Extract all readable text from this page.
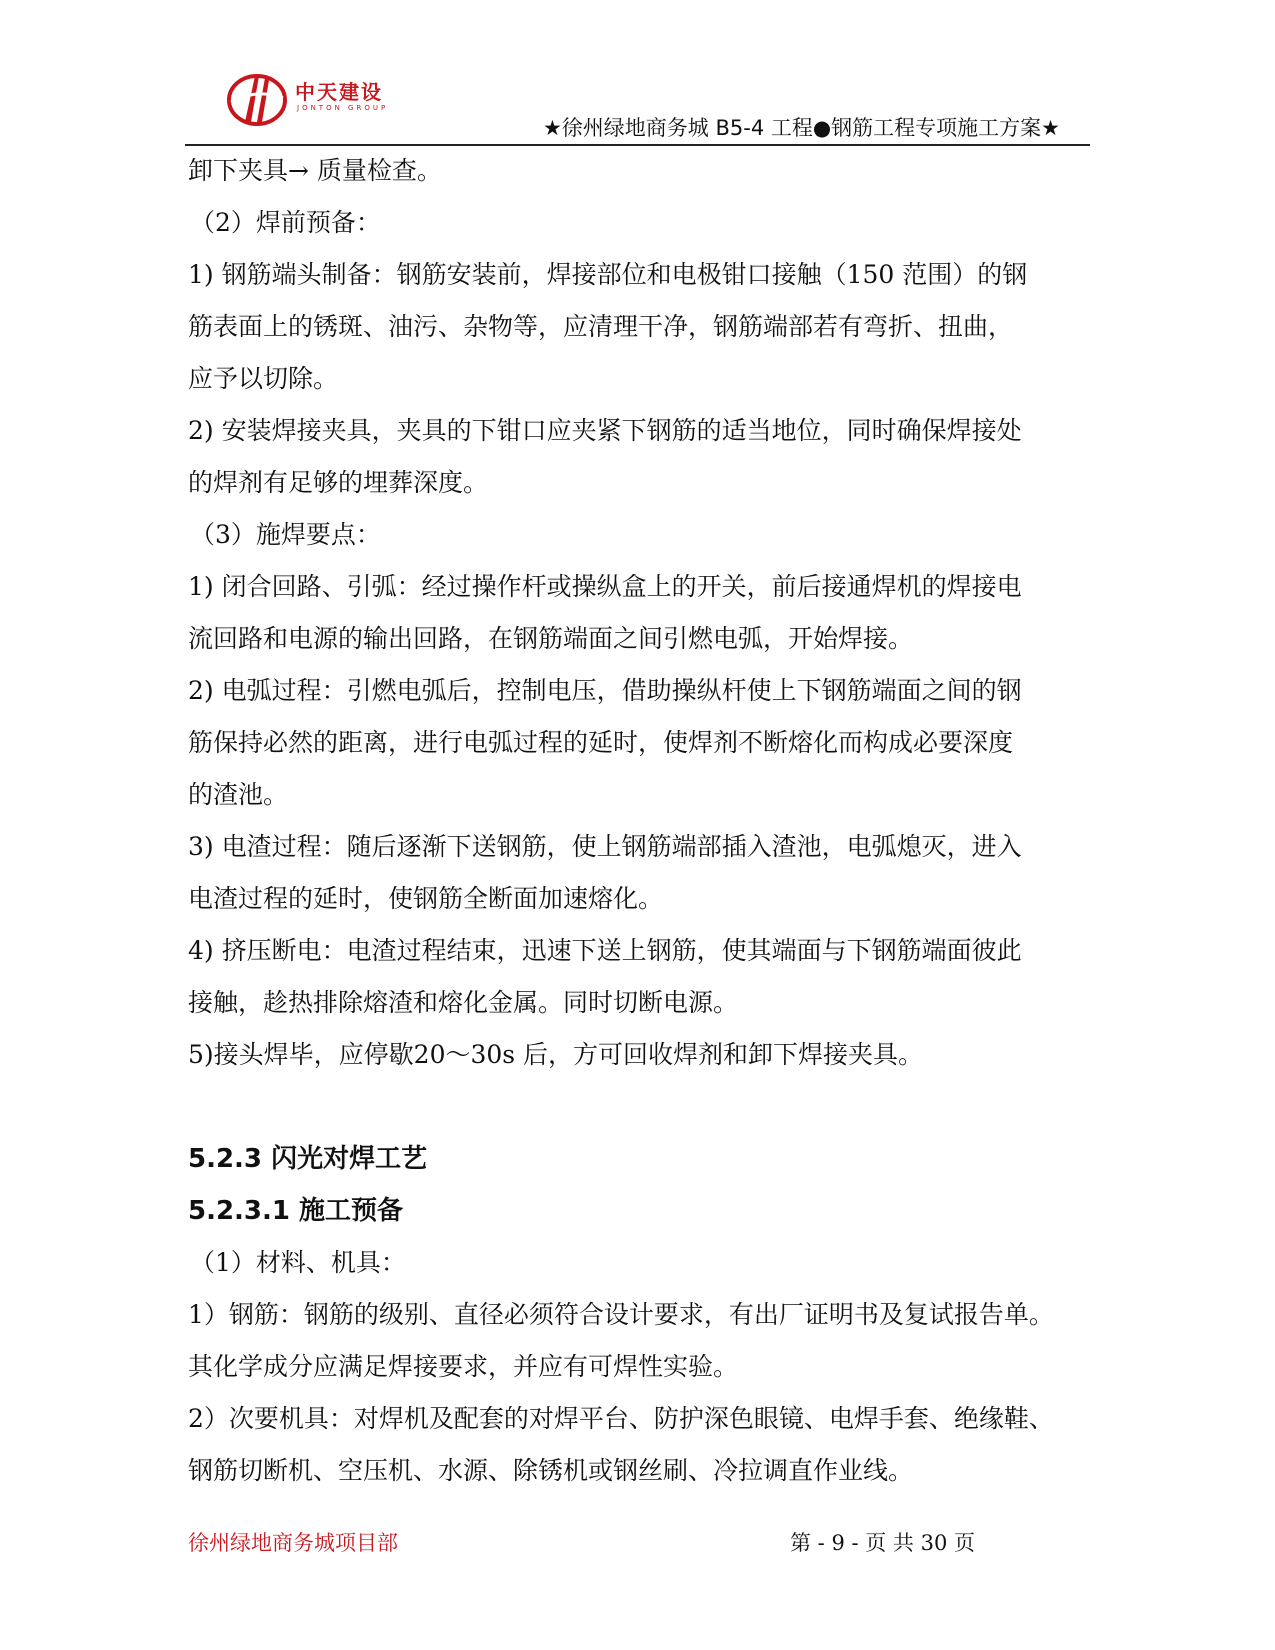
中天建设
JONTON GROUP
★徐州绿地商务城 B5-4 工程●钢筋工程专项施工方案★

卸下夹具→ 质量检查。

（2）焊前预备：

1) 钢筋端头制备：钢筋安装前，焊接部位和电极钳口接触（150 范围）的钢

筋表面上的锈斑、油污、杂物等，应清理干净，钢筋端部若有弯折、扭曲，

应予以切除。

2) 安装焊接夹具，夹具的下钳口应夹紧下钢筋的适当地位，同时确保焊接处

的焊剂有足够的埋葬深度。

（3）施焊要点：

1) 闭合回路、引弧：经过操作杆或操纵盒上的开关，前后接通焊机的焊接电

流回路和电源的输出回路，在钢筋端面之间引燃电弧，开始焊接。

2) 电弧过程：引燃电弧后，控制电压，借助操纵杆使上下钢筋端面之间的钢

筋保持必然的距离，进行电弧过程的延时，使焊剂不断熔化而构成必要深度

的渣池。

3) 电渣过程：随后逐渐下送钢筋，使上钢筋端部插入渣池，电弧熄灭，进入

电渣过程的延时，使钢筋全断面加速熔化。

4) 挤压断电：电渣过程结束，迅速下送上钢筋，使其端面与下钢筋端面彼此

接触，趁热排除熔渣和熔化金属。同时切断电源。

5)接头焊毕，应停歇20～30s 后，方可回收焊剂和卸下焊接夹具。

5.2.3 闪光对焊工艺
5.2.3.1 施工预备

（1）材料、机具：

1）钢筋：钢筋的级别、直径必须符合设计要求，有出厂证明书及复试报告单。

其化学成分应满足焊接要求，并应有可焊性实验。

2）次要机具：对焊机及配套的对焊平台、防护深色眼镜、电焊手套、绝缘鞋、

钢筋切断机、空压机、水源、除锈机或钢丝刷、冷拉调直作业线。

徐州绿地商务城项目部	第 - 9 - 页 共 30 页
